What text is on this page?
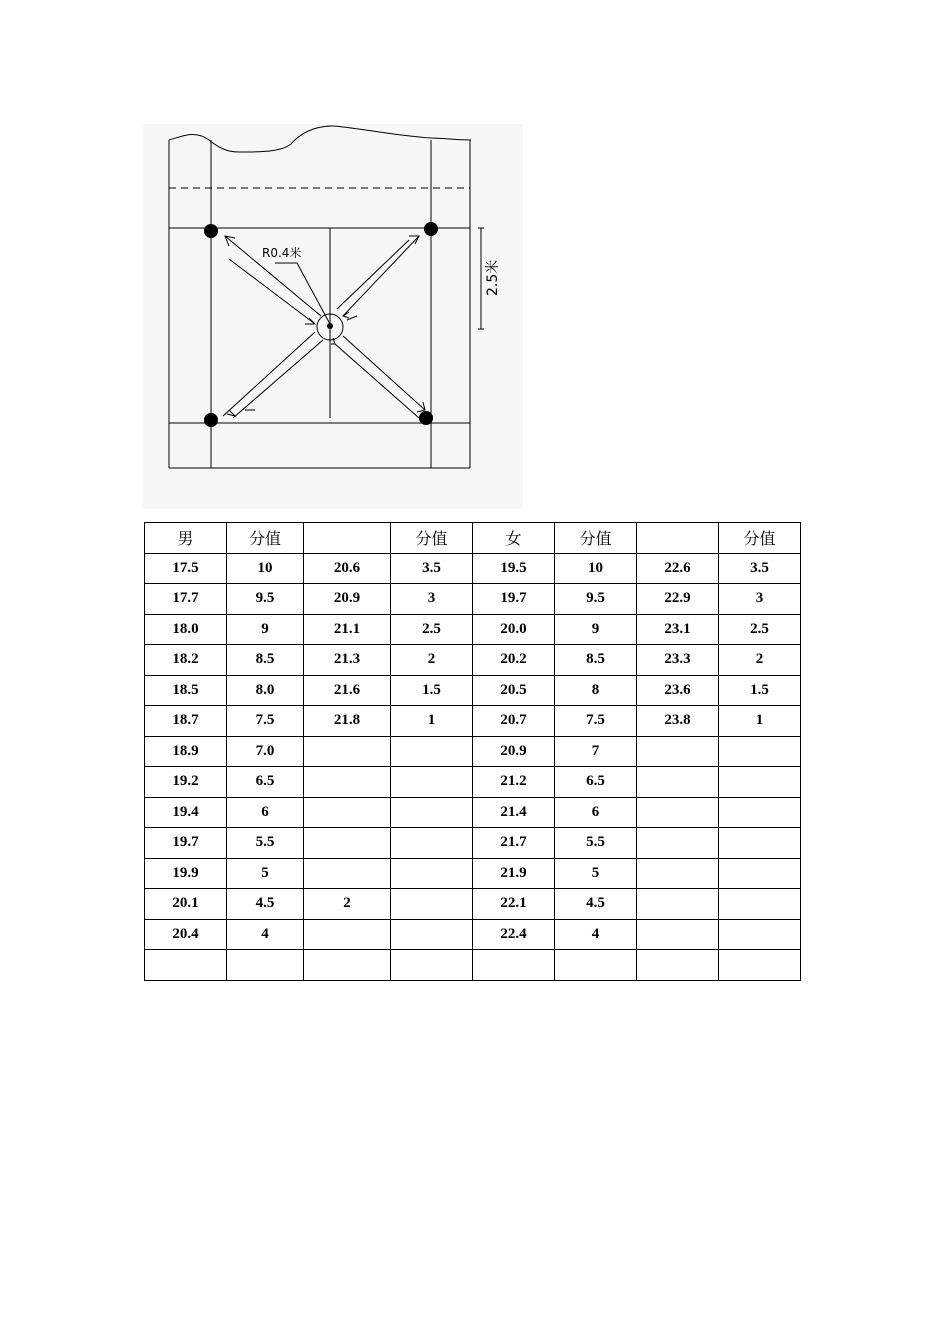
R0.4米
2.5米
男	分值		分值	女	分值		分值
17.5	10	20.6	3.5	19.5	10	22.6	3.5
17.7	9.5	20.9	3	19.7	9.5	22.9	3
18.0	9	21.1	2.5	20.0	9	23.1	2.5
18.2	8.5	21.3	2	20.2	8.5	23.3	2
18.5	8.0	21.6	1.5	20.5	8	23.6	1.5
18.7	7.5	21.8	1	20.7	7.5	23.8	1
18.9	7.0			20.9	7		
19.2	6.5			21.2	6.5		
19.4	6			21.4	6		
19.7	5.5			21.7	5.5		
19.9	5			21.9	5		
20.1	4.5	2		22.1	4.5		
20.4	4			22.4	4		
